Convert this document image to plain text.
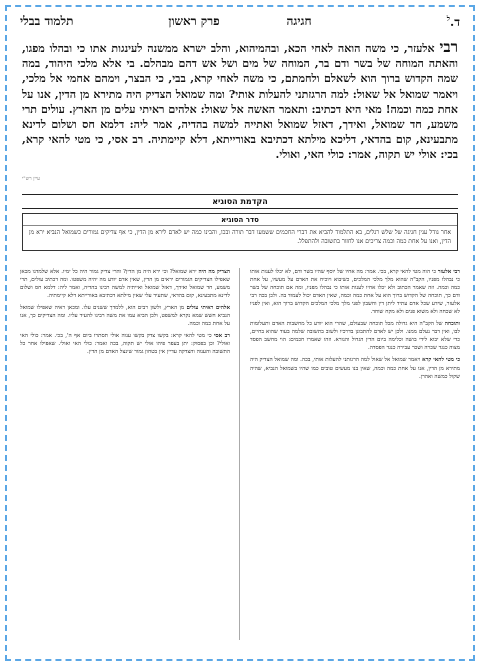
ד.$^ל$
חגיגה                פרק ראשון
תלמוד בבלי
רבי אלעזר, כי משה הואה לאחי הכא, ובהמיהוא, והלב ישרא ממשנה לעינגות אתו כי ובהלו מפגו, והאתה המוחה של בשר ודם בר, המוחה של מים ושל אש דהם מבהלם. בי אלא מלכי היהוד, במה שמה הקדוש ברוך הוא לשאלם ולחמתם, כי משה לאחי קרא, בבי, כי הבצר, וימהם אחמי אל מלכי, ויאמר שמואל אל שאול: למה הרגזתני להעלות אותי? ומה שמואל הצדיק היה מתירא מן הדין, אנו על אחת כמה וכמה! מאי היא דכתיב: ותאמר האשה אל שאול: אלהים ראיתי עלים מן הארץ. עולים תרי משמע, חד שמואל, ואידך, דאזל שמואל ואתייה למשה בהדיה, אמר ליה: דלמא חס ושלום לדינא מתבעינא, קום בהדאי, דליכא מילתא דכתיבא באורייתא, דלא קיימתיה. רב אסי, כי מטי להאי קרא, בכי: אולי יש תקוה, אמר: כולי האי, ואולי.
עיין רש"י
הקדמת הסוגיא
סדר הסוגיא
אחר גודל ענין חגיגה של שלש רגלים, בא התלמוד להביא את דברי החכמים ששמעו דבר תורה ובכו, והבינו כמה יש לאדם לירא מן הדין, כי אף צדיקים גמורים כשמואל הנביא ירא מן הדין, ואנו על אחת כמה וכמה צריכים אנו לחזור בתשובה ולהתפלל.

רבי אלעזר כי הוה מטי להאי קרא, בכי. אמר: מה אחיו של יוסף שהיו בשר ודם, לא יכלו לענות אותו כי נבהלו מפניו, הקב"ה שהוא מלך מלכי המלכים, כשיבוא ויוכיח את האדם על מעשיו, על אחת כמה וכמה. וזה שאמר הכתוב ולא יכלו אחיו לענות אותו כי נבהלו מפניו, ומה אם תוכחה של בשר ודם כך, תוכחה של הקדוש ברוך הוא על אחת כמה וכמה, שאין האדם יכול לעמוד בה. ולכן בכה רבי אלעזר, שידע שכל אדם עתיד ליתן דין וחשבון לפני מלך מלכי המלכים הקדוש ברוך הוא, ואין לפניו לא שכחה ולא משוא פנים ולא מקח שוחד.

ותוכחה של הקב"ה היא גדולה מכל תוכחה שבעולם, שהרי הוא יודע כל מחשבות האדם ותעלומות לבו, ואין דבר נעלם ממנו. ולכן יש לאדם להתבונן בדרכיו ולשוב בתשובה שלמה בעוד שהוא בחיים, כדי שלא יבוא לידי בושה וכלימה ביום הדין הגדול והנורא. וזהו שאמרו חכמים: הוי מחשב הפסד מצוה כנגד שכרה ושכר עבירה כנגד הפסדה.

כי מטי להאי קרא ויאמר שמואל אל שאול למה הרגזתני להעלות אותי, בכה. ומה שמואל הצדיק היה מתירא מן הדין, אנו על אחת כמה וכמה, שאין בנו מעשים טובים כמו שהיו בשמואל הנביא, שהיה שקול כמשה ואהרן.

הצדיק מה היה ירא שמואל? וכי ירא היה מן הדין? והרי צדיק גמור היה כל ימיו. אלא שלמדנו מכאן שאפילו הצדיקים הגמורים יראים מן הדין, שאין אדם יודע מה יהיה משפטו. ומה דכתיב עולים, תרי משמע, חד שמואל ואידך, דאזל שמואל ואייתיה למשה רבינו בהדיה, ואמר ליה: דלמא חס ושלום לדינא מתבעינא, קום בהדאי, שתעיד עלי שאין מילתא דכתיבא באורייתא דלא קיימתיה.

אלהים ראיתי עולים מן הארץ, ולשון רבים הוא, ללמדך ששנים עלו. ומכאן ראיה שאפילו שמואל הנביא חשש שמא נקרא למשפט, ולכן הביא עמו את משה רבינו להעיד עליו. ומה הצדיקים כך, אנו על אחת כמה וכמה.

רב אסי כי מטי להאי קרא: בקשו צדק בקשו ענוה אולי תסתרו ביום אף ה', בכי. אמר: כולי האי ואולי? וכן בפסוק: יתן בעפר פיהו אולי יש תקוה, בכה ואמר: כולי האי ואולי. שאפילו אחר כל התשובה והענוה והצדקה עדיין אין בטחון גמור שינצל האדם מן הדין.
